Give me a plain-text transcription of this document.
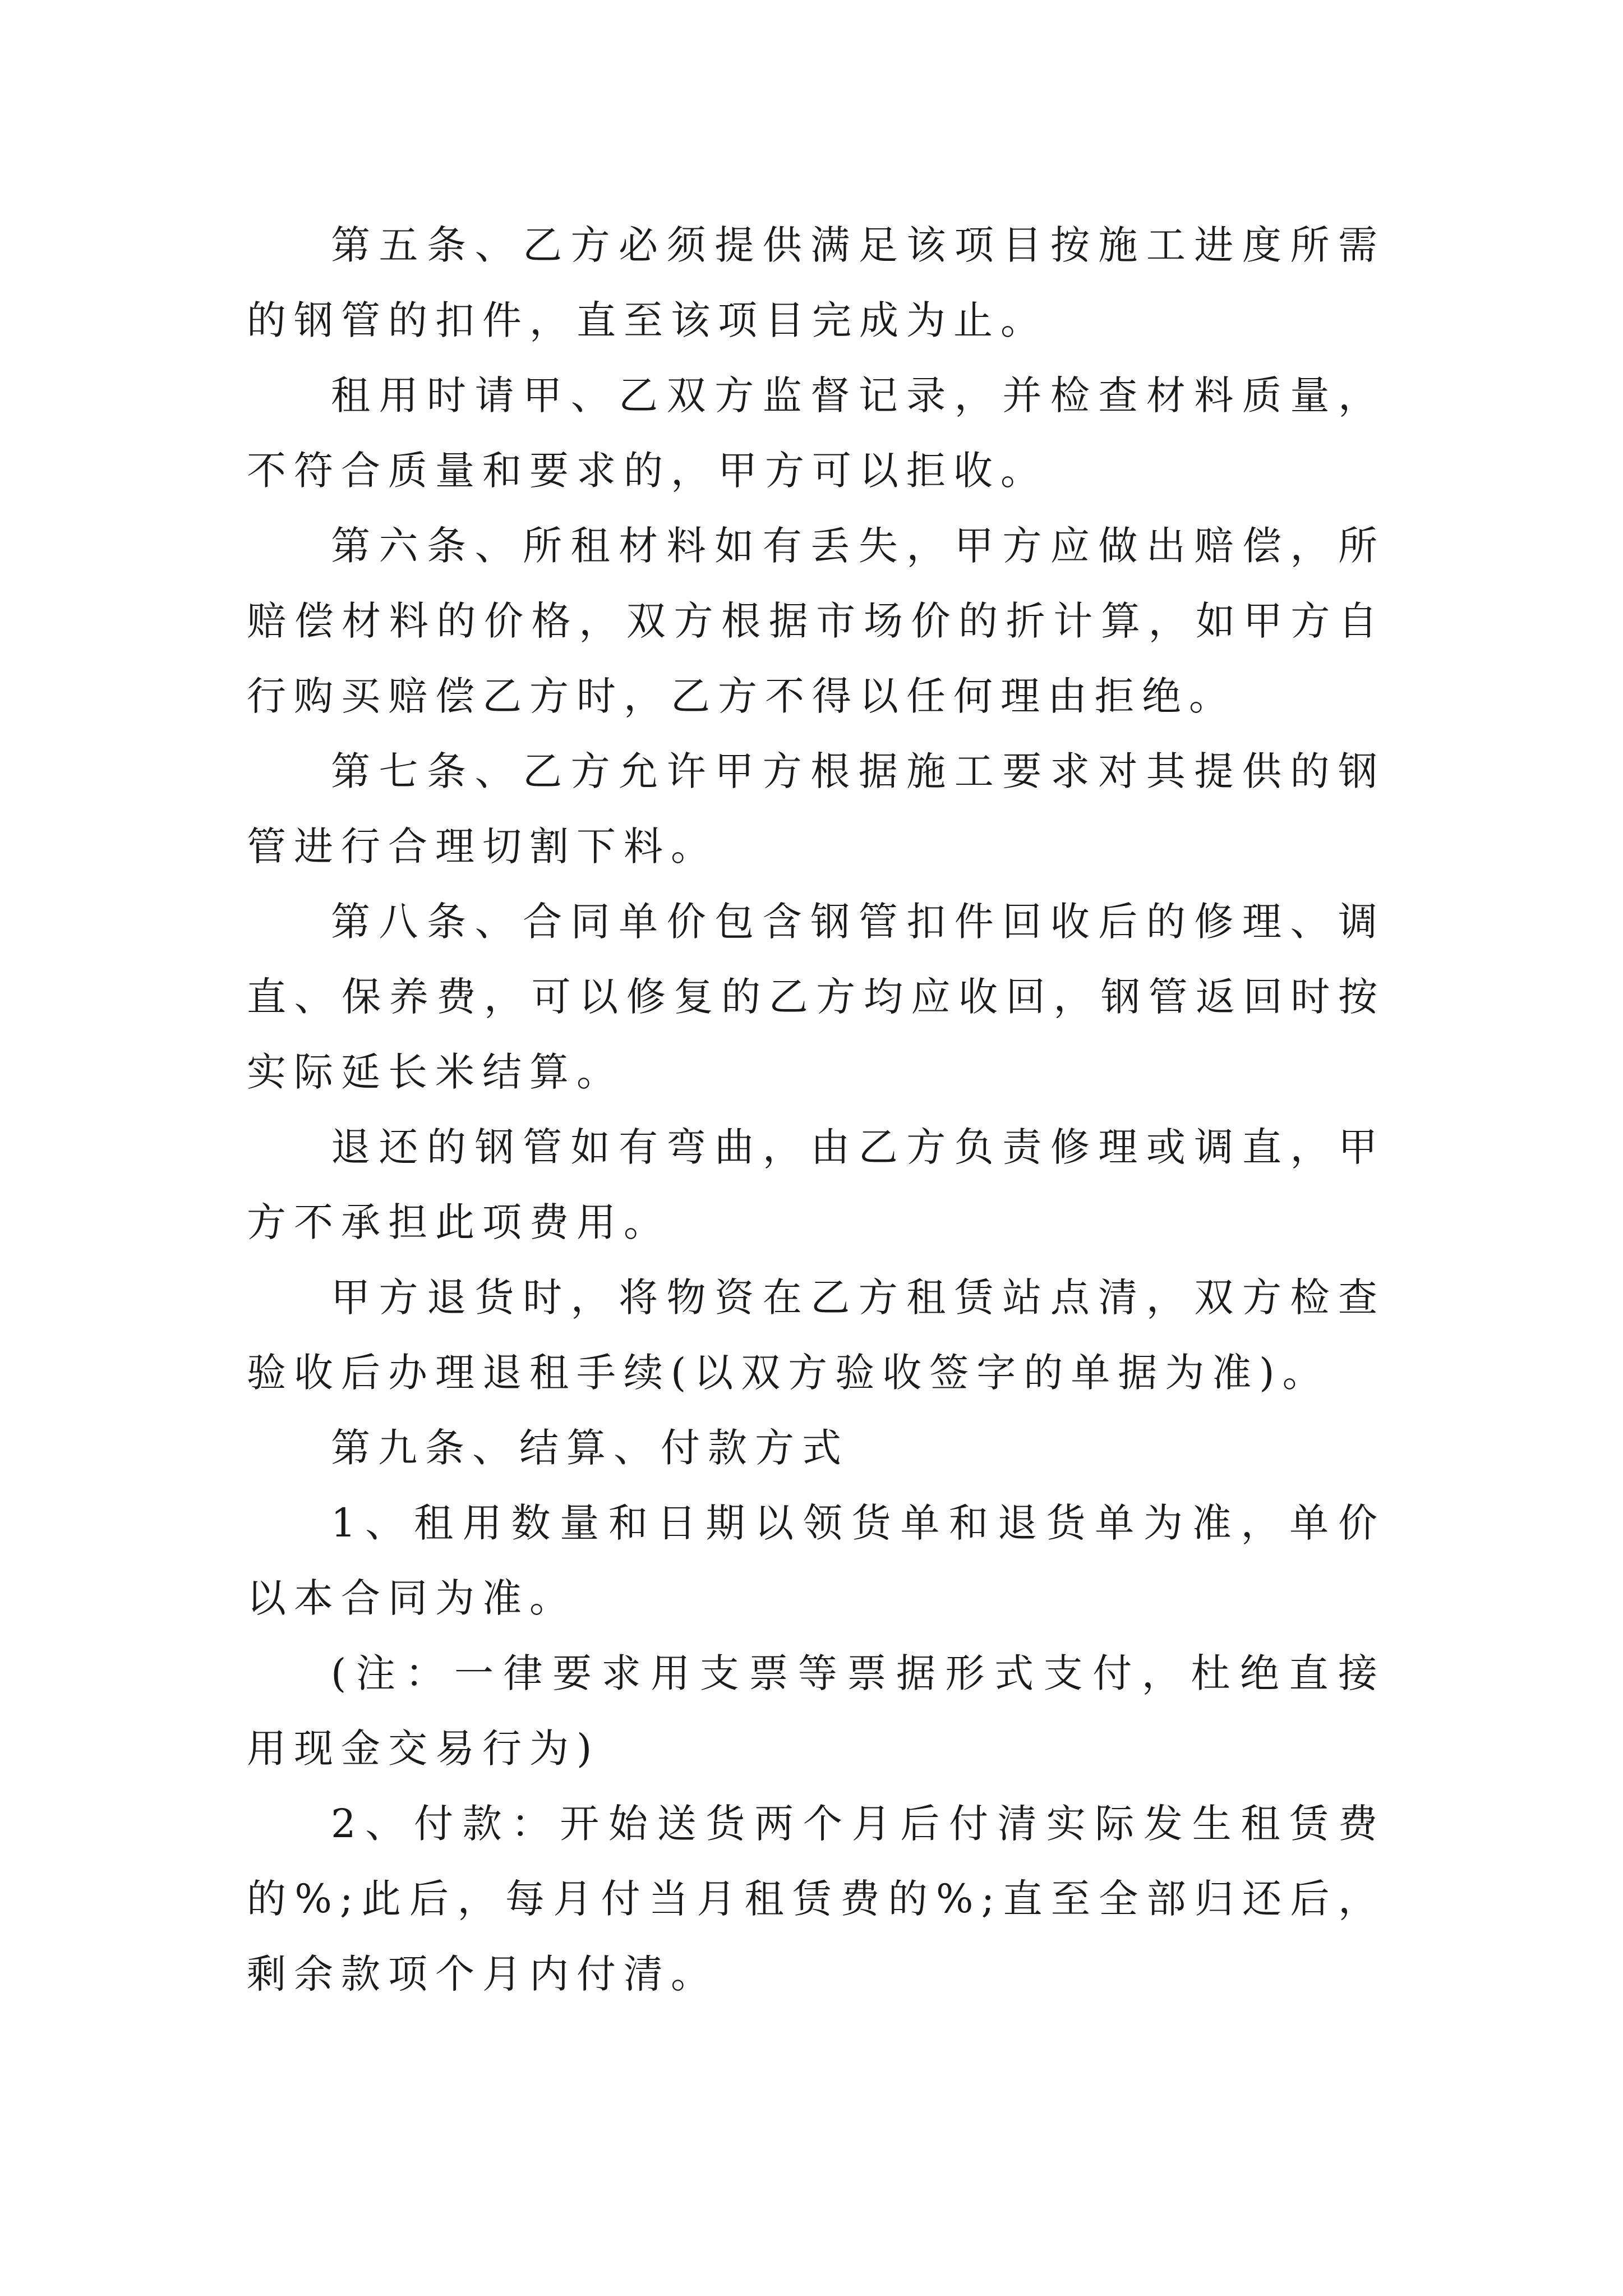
第五条、乙方必须提供满足该项目按施工进度所需的钢管的扣件，直至该项目完成为止。

租用时请甲、乙双方监督记录，并检查材料质量，不符合质量和要求的，甲方可以拒收。

第六条、所租材料如有丢失，甲方应做出赔偿，所赔偿材料的价格，双方根据市场价的折计算，如甲方自行购买赔偿乙方时，乙方不得以任何理由拒绝。

第七条、乙方允许甲方根据施工要求对其提供的钢管进行合理切割下料。

第八条、合同单价包含钢管扣件回收后的修理、调直、保养费，可以修复的乙方均应收回，钢管返回时按实际延长米结算。

退还的钢管如有弯曲，由乙方负责修理或调直，甲方不承担此项费用。

甲方退货时，将物资在乙方租赁站点清，双方检查验收后办理退租手续(以双方验收签字的单据为准)。

第九条、结算、付款方式

1、租用数量和日期以领货单和退货单为准，单价以本合同为准。

(注：一律要求用支票等票据形式支付，杜绝直接用现金交易行为)

2、付款：开始送货两个月后付清实际发生租赁费的%;此后，每月付当月租赁费的%;直至全部归还后，剩余款项个月内付清。
